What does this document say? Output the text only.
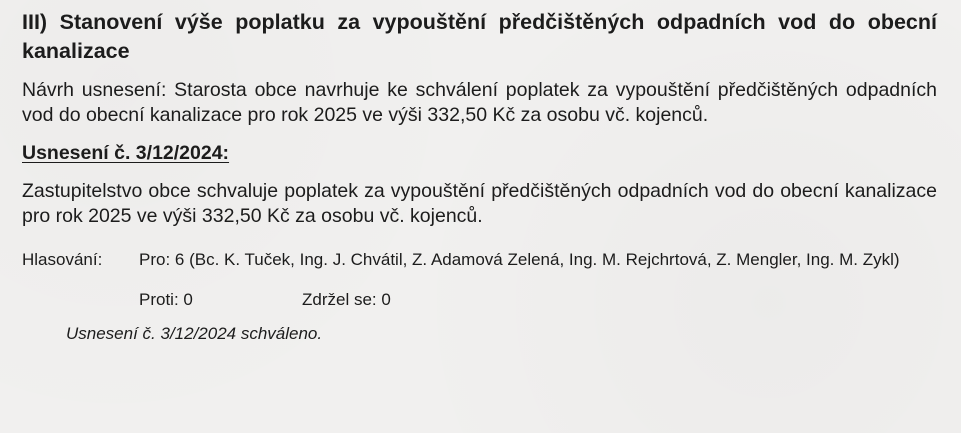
III) Stanovení výše poplatku za vypouštění předčištěných odpadních vod do obecní kanalizace

Návrh usnesení: Starosta obce navrhuje ke schválení poplatek za vypouštění předčištěných odpadních vod do obecní kanalizace pro rok 2025 ve výši 332,50 Kč za osobu vč. kojenců.

Usnesení č. 3/12/2024:

Zastupitelstvo obce schvaluje poplatek za vypouštění předčištěných odpadních vod do obecní kanalizace pro rok 2025 ve výši 332,50 Kč za osobu vč. kojenců.

Hlasování:	Pro: 6 (Bc. K. Tuček, Ing. J. Chvátil, Z. Adamová Zelená, Ing. M. Rejchrtová, Z. Mengler, Ing. M. Zykl)
Proti: 0	Zdržel se: 0
Usnesení č. 3/12/2024 schváleno.
